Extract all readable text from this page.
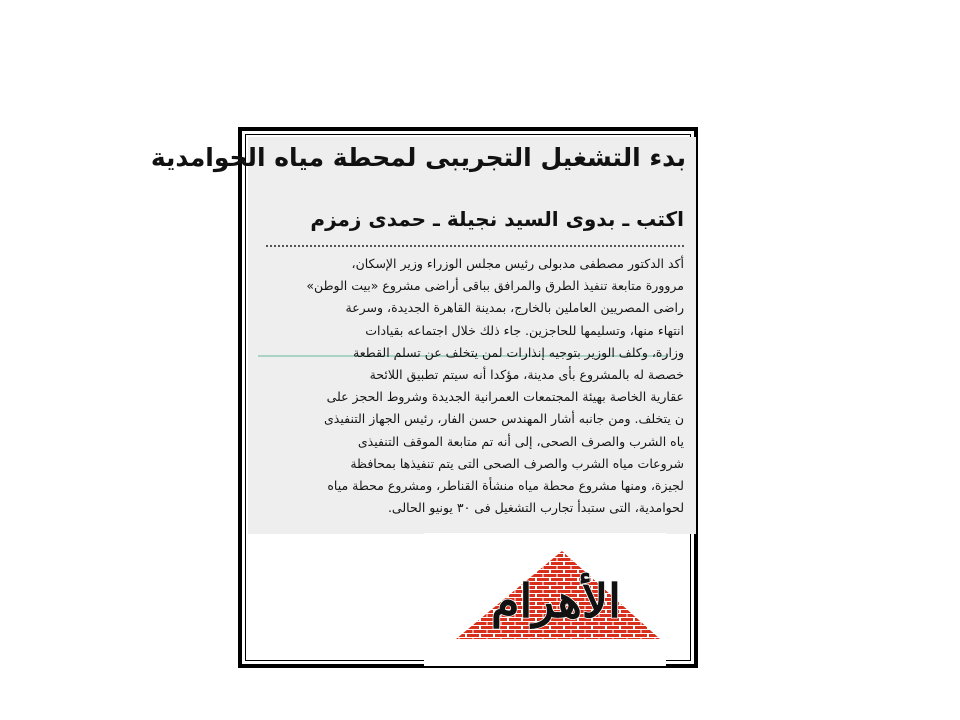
بدء التشغيل التجريبى لمحطة مياه الحوامدية
اكتب ـ بدوى السيد نجيلة ـ حمدى زمزم
أكد الدكتور مصطفى مدبولى رئيس مجلس الوزراء وزير الإسكان،
مروورة متابعة تنفيذ الطرق والمرافق بباقى أراضى مشروع «بيت الوطن»
راضى المصريين العاملين بالخارج، بمدينة القاهرة الجديدة، وسرعة
انتهاء منها، وتسليمها للحاجزين. جاء ذلك خلال اجتماعه بقيادات
وزارة، وكلف الوزير بتوجيه إنذارات لمن يتخلف عن تسلم القطعة
خصصة له بالمشروع بأى مدينة، مؤكدا أنه سيتم تطبيق اللائحة
عقارية الخاصة بهيئة المجتمعات العمرانية الجديدة وشروط الحجز على
ن يتخلف. ومن جانبه أشار المهندس حسن الفار، رئيس الجهاز التنفيذى
ياه الشرب والصرف الصحى، إلى أنه تم متابعة الموقف التنفيذى
شروعات مياه الشرب والصرف الصحى التى يتم تنفيذها بمحافظة
لجيزة، ومنها مشروع محطة مياه منشأة القناطر، ومشروع محطة مياه
لحوامدية، التى ستبدأ تجارب التشغيل فى ٣٠ يونيو الحالى.
الأهرام
